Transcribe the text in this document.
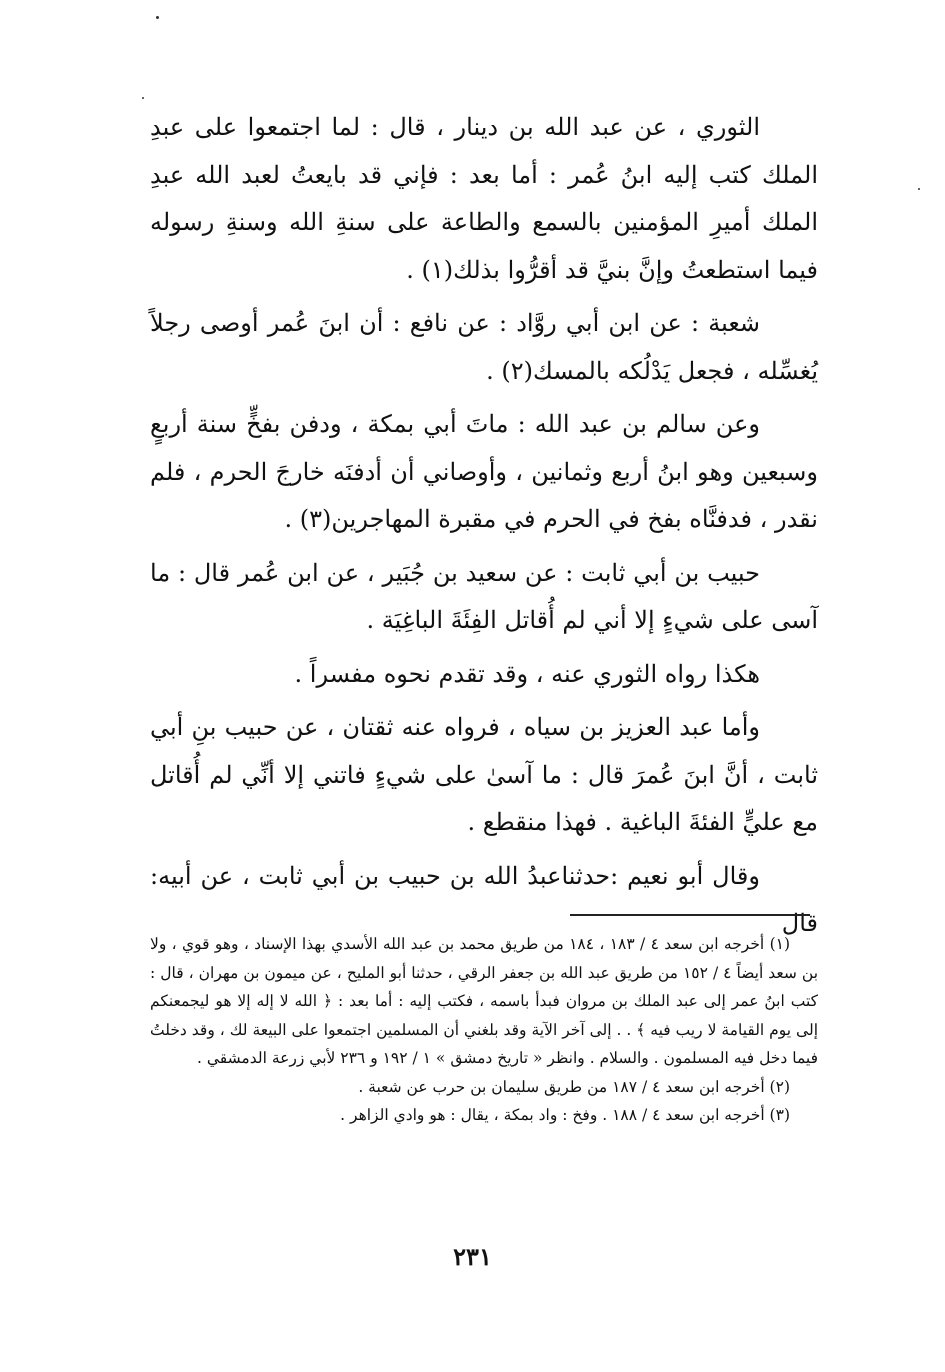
الثوري ، عن عبد الله بن دينار ، قال : لما اجتمعوا على عبدِ الملك كتب إليه ابنُ عُمر : أما بعد : فإني قد بايعتُ لعبد الله عبدِ الملك أميرِ المؤمنين بالسمع والطاعة على سنةِ الله وسنةِ رسوله فيما استطعتُ وإنَّ بنيَّ قد أقرُّوا بذلك(١) .

شعبة : عن ابن أبي روَّاد : عن نافع : أن ابنَ عُمر أوصى رجلاً يُغسِّله ، فجعل يَدْلُكه بالمسك(٢) .

وعن سالم بن عبد الله : ماتَ أبي بمكة ، ودفن بفخٍّ سنة أربعٍ وسبعين وهو ابنُ أربع وثمانين ، وأوصاني أن أدفنَه خارجَ الحرم ، فلم نقدر ، فدفنَّاه بفخ في الحرم في مقبرة المهاجرين(٣) .

حبيب بن أبي ثابت : عن سعيد بن جُبَير ، عن ابن عُمر قال : ما آسى على شيءٍ إلا أني لم أُقاتل الفِئَةَ الباغِيَة .

هكذا رواه الثوري عنه ، وقد تقدم نحوه مفسراً .

وأما عبد العزيز بن سياه ، فرواه عنه ثقتان ، عن حبيب بنِ أبي ثابت ، أنَّ ابنَ عُمرَ قال : ما آسىٰ على شيءٍ فاتني إلا أنِّي لم أُقاتل مع عليٍّ الفئةَ الباغية . فهذا منقطع .

وقال أبو نعيم :حدثناعبدُ الله بن حبيب بن أبي ثابت ، عن أبيه: قال

(١) أخرجه ابن سعد ٤ / ١٨٣ ، ١٨٤ من طريق محمد بن عبد الله الأسدي بهذا الإسناد ، وهو قوي ، ولا بن سعد أيضاً ٤ / ١٥٢ من طريق عبد الله بن جعفر الرقي ، حدثنا أبو المليح ، عن ميمون بن مهران ، قال : كتب ابنُ عمر إلى عبد الملك بن مروان فبدأ باسمه ، فكتب إليه : أما بعد : ﴿ الله لا إله إلا هو ليجمعنكم إلى يوم القيامة لا ريب فيه ﴾ . . إلى آخر الآية وقد بلغني أن المسلمين اجتمعوا على البيعة لك ، وقد دخلتُ فيما دخل فيه المسلمون . والسلام . وانظر « تاريخ دمشق » ١ / ١٩٢ و ٢٣٦ لأبي زرعة الدمشقي .

(٢) أخرجه ابن سعد ٤ / ١٨٧ من طريق سليمان بن حرب عن شعبة .

(٣) أخرجه ابن سعد ٤ / ١٨٨ . وفخ : واد بمكة ، يقال : هو وادي الزاهر .

٢٣١
